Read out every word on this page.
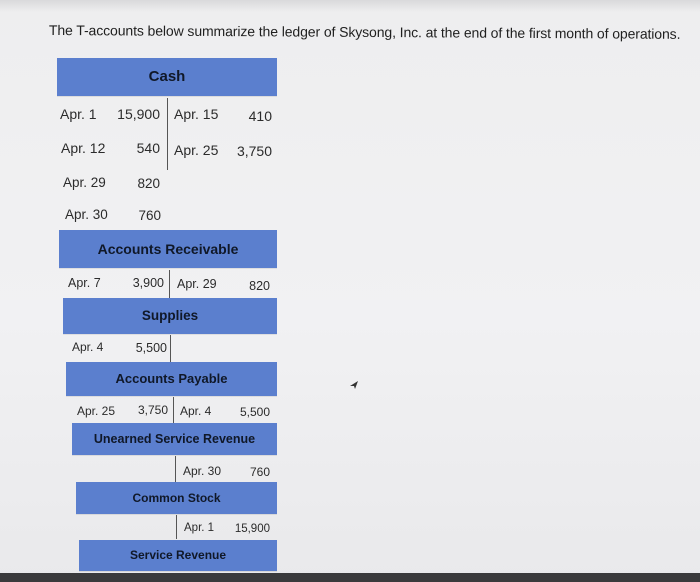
The T-accounts below summarize the ledger of Skysong, Inc. at the end of the first month of operations.
Cash
Apr. 1	15,900 Apr. 15	410
Apr. 12	540 Apr. 25	3,750
Apr. 29	820
Apr. 30	760
Accounts Receivable
Apr. 7	3,900 Apr. 29	820
Supplies
Apr. 4	5,500
Accounts Payable
Apr. 25	3,750 Apr. 4	5,500
Unearned Service Revenue
Apr. 30	760
Common Stock
Apr. 1	15,900
Service Revenue
